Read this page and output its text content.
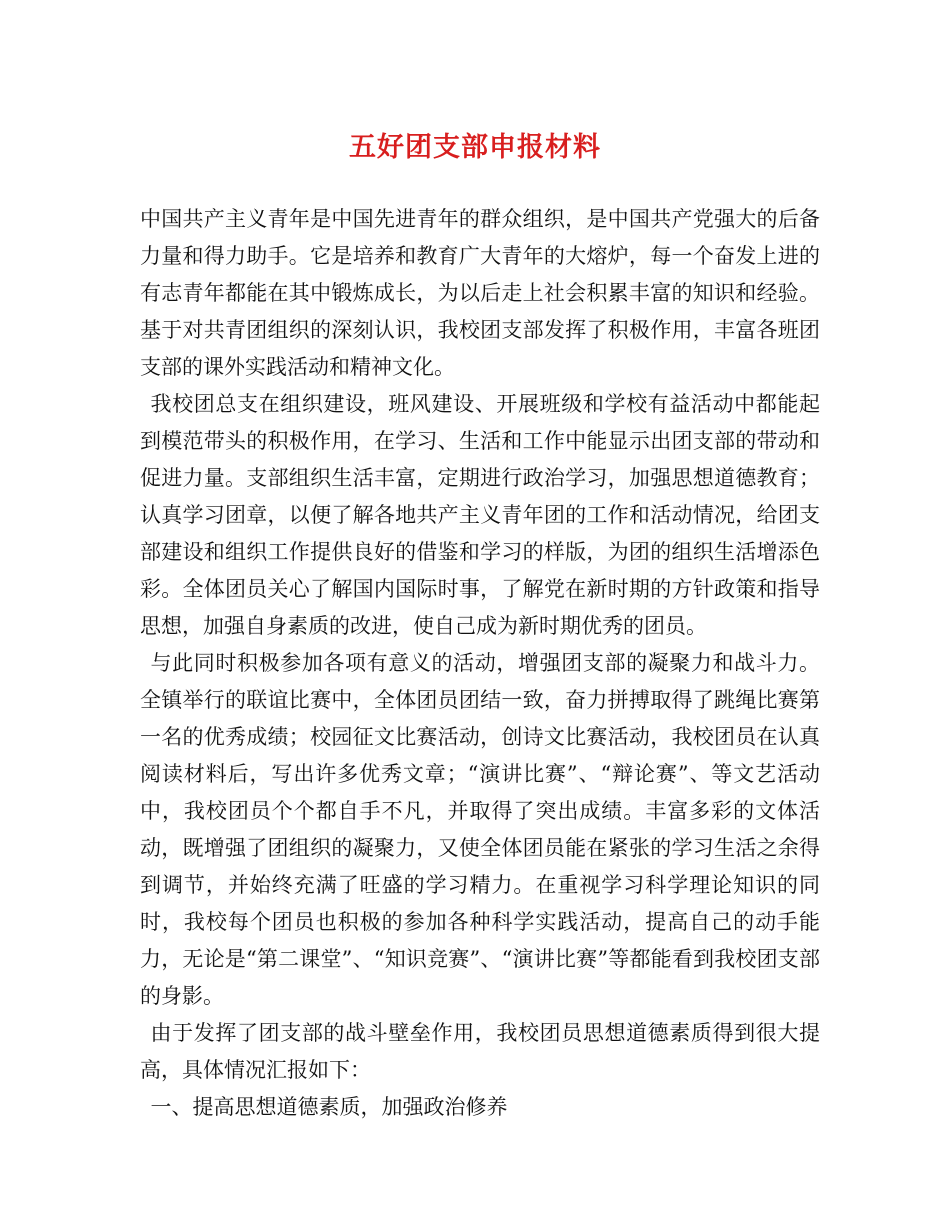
五好团支部申报材料

中国共产主义青年是中国先进青年的群众组织，是中国共产党强大的后备力量和得力助手。它是培养和教育广大青年的大熔炉，每一个奋发上进的有志青年都能在其中锻炼成长，为以后走上社会积累丰富的知识和经验。基于对共青团组织的深刻认识，我校团支部发挥了积极作用，丰富各班团支部的课外实践活动和精神文化。

我校团总支在组织建设，班风建设、开展班级和学校有益活动中都能起到模范带头的积极作用，在学习、生活和工作中能显示出团支部的带动和促进力量。支部组织生活丰富，定期进行政治学习，加强思想道德教育；认真学习团章，以便了解各地共产主义青年团的工作和活动情况，给团支部建设和组织工作提供良好的借鉴和学习的样版，为团的组织生活增添色彩。全体团员关心了解国内国际时事，了解党在新时期的方针政策和指导思想，加强自身素质的改进，使自己成为新时期优秀的团员。

与此同时积极参加各项有意义的活动，增强团支部的凝聚力和战斗力。全镇举行的联谊比赛中，全体团员团结一致，奋力拼搏取得了跳绳比赛第一名的优秀成绩；校园征文比赛活动，创诗文比赛活动，我校团员在认真阅读材料后，写出许多优秀文章；“演讲比赛”、“辩论赛”、等文艺活动中，我校团员个个都自手不凡，并取得了突出成绩。丰富多彩的文体活动，既增强了团组织的凝聚力，又使全体团员能在紧张的学习生活之余得到调节，并始终充满了旺盛的学习精力。在重视学习科学理论知识的同时，我校每个团员也积极的参加各种科学实践活动，提高自己的动手能力，无论是“第二课堂”、“知识竞赛”、“演讲比赛”等都能看到我校团支部的身影。

由于发挥了团支部的战斗壁垒作用，我校团员思想道德素质得到很大提高，具体情况汇报如下：

一、提高思想道德素质，加强政治修养
